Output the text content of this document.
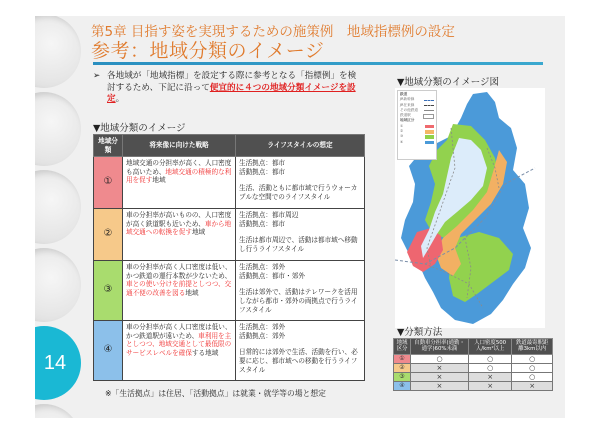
14
第5章 目指す姿を実現するための施策例　地域指標例の設定
参考：地域分類のイメージ
➢ 各地域が「地域指標」を設定する際に参考となる「指標例」を検討するため、下記に沿って便宜的に４つの地域分類イメージを設定。
▼地域分類のイメージ
地域分類	将来像に向けた戦略	ライフスタイルの想定
①	地域交通の分担率が高く、人口密度も高いため、地域交通の積極的な利用を促す地域	生活拠点：都市
活動拠点：都市
生活、活動ともに都市域で行うウォーカブルな空間でのライフスタイル

②	車の分担率が高いものの、人口密度が高く鉄道駅も近いため、車から地域交通への転換を促す地域	生活拠点：都市周辺
活動拠点：都市
生活は都市周辺で、活動は都市域へ移動し行うライフスタイル

③	車の分担率が高く人口密度は低い、かつ鉄道の運行本数が少ないため、車との使い分けを前提としつつ、交通不便の改善を図る地域	生活拠点：郊外
活動拠点：都市・郊外
生活は郊外で、活動はテレワークを活用しながら都市・郊外の両拠点で行うライフスタイル

④	車の分担率が高く人口密度は低い、かつ鉄道駅が遠いため、車利用を主としつつ、地域交通として最低限のサービスレベルを確保する地域	生活拠点：郊外
活動拠点：郊外
日常的には郊外で生活、活動を行い、必要に応じ、都市域への移動を行うライフスタイル
※「生活拠点」は住居、「活動拠点」は就業・就学等の場と想定
▼地域分類のイメージ図
鉄道
JR新幹線
JR在来線
その他鉄道
鉄道駅
地域区分
①
②
③
④
▼分類方法
地域区分	自動車分担率(通勤・通学)60%未満	人口密度500人/km²以上	鉄道最寄駅距離3km以内
①	○	○	○
②	×	○	○
③	×	×	○
④	×	×	×
